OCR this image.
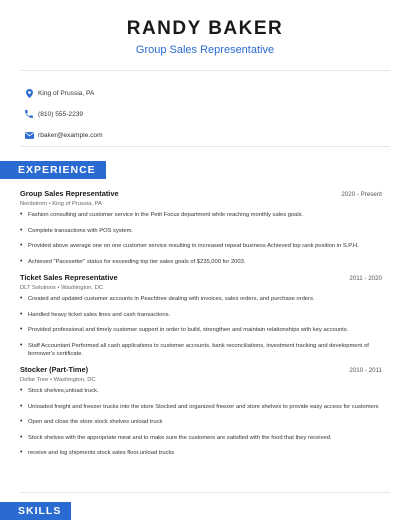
RANDY BAKER
Group Sales Representative
King of Prussia, PA
(810) 555-2239
rbaker@example.com
EXPERIENCE
Group Sales Representative	2020 - Present
Nordstrom • King of Prussia, PA
• Fashion consulting and customer service in the Petit Focus department while reaching monthly sales goals.
• Complete transactions with POS system.
• Provided above average one on one customer service resulting in increased repeat business Achieved top rank position in S.P.H.
• Achieved "Pacesetter" status for exceeding top tier sales goals of $235,000 for 2003.
Ticket Sales Representative	2011 - 2020
DLT Solutions • Washington, DC
• Created and updated customer accounts in Peachtree dealing with invoices, sales orders, and purchase orders.
• Handled heavy ticket sales lines and cash transactions.
• Provided professional and timely customer support in order to build, strengthen and maintain relationships with key accounts.
• Staff Accountant Performed all cash applications to customer accounts, bank reconciliations, investment tracking and development of borrower's certificate.
Stocker (Part-Time)	2010 - 2011
Dollar Tree • Washington, DC
• Stock shelves,unload truck.
• Unloaded freight and freezer trucks into the store Stocked and organized freezer and store shelves to provide easy access for customers
• Open and close the store stock shelves unload truck
• Stock shelves with the appropriate meat and to make sure the customers are satisfied with the food that they received.
• receive and log shipments stock sales floor.unload trucks
SKILLS
